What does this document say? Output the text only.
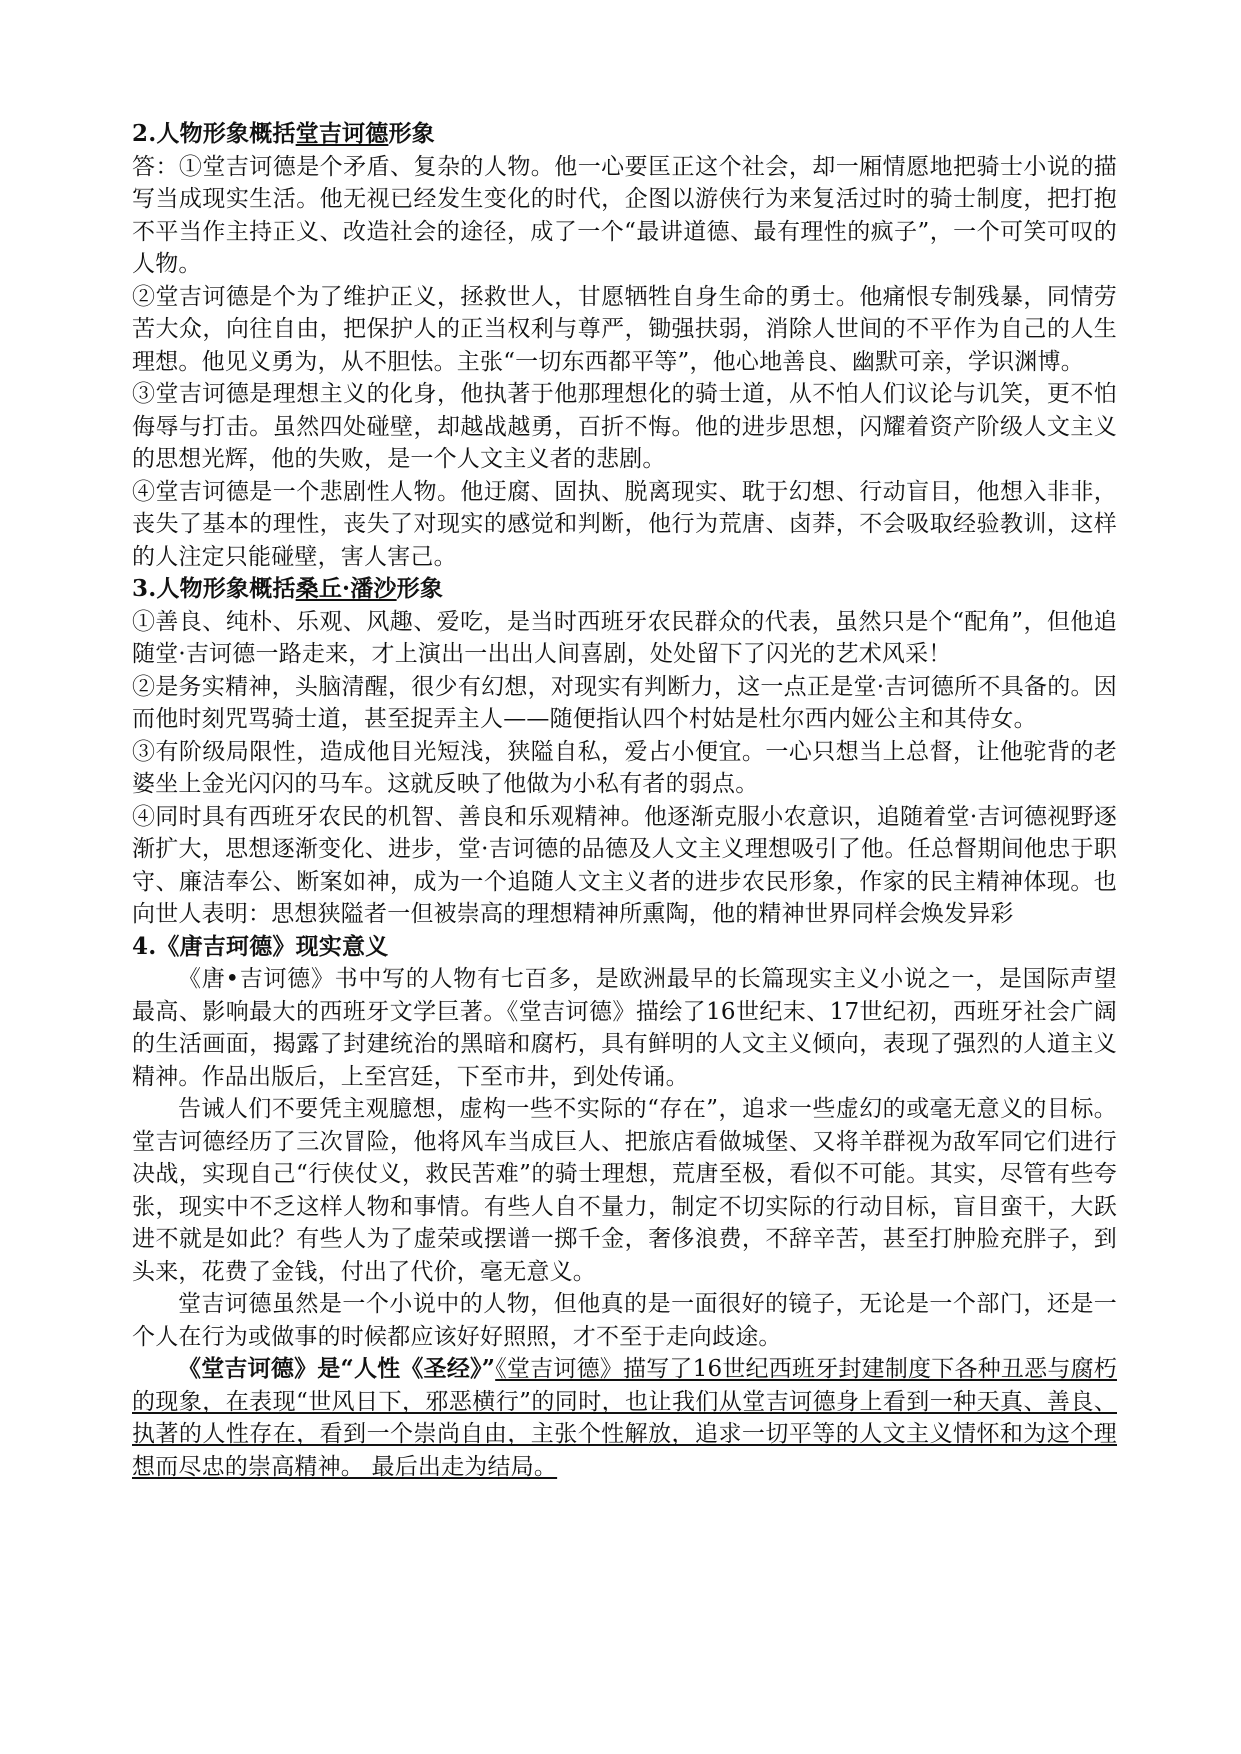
2.人物形象概括堂吉诃德形象

答：①堂吉诃德是个矛盾、复杂的人物。他一心要匡正这个社会，却一厢情愿地把骑士小说的描写当成现实生活。他无视已经发生变化的时代，企图以游侠行为来复活过时的骑士制度，把打抱不平当作主持正义、改造社会的途径，成了一个“最讲道德、最有理性的疯子”，一个可笑可叹的人物。

②堂吉诃德是个为了维护正义，拯救世人，甘愿牺牲自身生命的勇士。他痛恨专制残暴，同情劳苦大众，向往自由，把保护人的正当权利与尊严，锄强扶弱，消除人世间的不平作为自己的人生理想。他见义勇为，从不胆怯。主张“一切东西都平等”，他心地善良、幽默可亲，学识渊博。

③堂吉诃德是理想主义的化身，他执著于他那理想化的骑士道，从不怕人们议论与讥笑，更不怕侮辱与打击。虽然四处碰壁，却越战越勇，百折不悔。他的进步思想，闪耀着资产阶级人文主义的思想光辉，他的失败，是一个人文主义者的悲剧。

④堂吉诃德是一个悲剧性人物。他迂腐、固执、脱离现实、耽于幻想、行动盲目，他想入非非，丧失了基本的理性，丧失了对现实的感觉和判断，他行为荒唐、卤莽，不会吸取经验教训，这样的人注定只能碰壁，害人害己。

3.人物形象概括桑丘·潘沙形象

①善良、纯朴、乐观、风趣、爱吃，是当时西班牙农民群众的代表，虽然只是个“配角”，但他追随堂·吉诃德一路走来，才上演出一出出人间喜剧，处处留下了闪光的艺术风采！

②是务实精神，头脑清醒，很少有幻想，对现实有判断力，这一点正是堂·吉诃德所不具备的。因而他时刻咒骂骑士道，甚至捉弄主人——随便指认四个村姑是杜尔西内娅公主和其侍女。

③有阶级局限性，造成他目光短浅，狭隘自私，爱占小便宜。一心只想当上总督，让他驼背的老婆坐上金光闪闪的马车。这就反映了他做为小私有者的弱点。

④同时具有西班牙农民的机智、善良和乐观精神。他逐渐克服小农意识，追随着堂·吉诃德视野逐渐扩大，思想逐渐变化、进步，堂·吉诃德的品德及人文主义理想吸引了他。任总督期间他忠于职守、廉洁奉公、断案如神，成为一个追随人文主义者的进步农民形象，作家的民主精神体现。也向世人表明：思想狭隘者一但被崇高的理想精神所熏陶，他的精神世界同样会焕发异彩

4.《唐吉珂德》现实意义

《唐•吉诃德》书中写的人物有七百多，是欧洲最早的长篇现实主义小说之一，是国际声望最高、影响最大的西班牙文学巨著。《堂吉诃德》描绘了16世纪末、17世纪初，西班牙社会广阔的生活画面，揭露了封建统治的黑暗和腐朽，具有鲜明的人文主义倾向，表现了强烈的人道主义精神。作品出版后，上至宫廷，下至市井，到处传诵。

告诫人们不要凭主观臆想，虚构一些不实际的“存在”，追求一些虚幻的或毫无意义的目标。堂吉诃德经历了三次冒险，他将风车当成巨人、把旅店看做城堡、又将羊群视为敌军同它们进行决战，实现自己“行侠仗义，救民苦难”的骑士理想，荒唐至极，看似不可能。其实，尽管有些夸张，现实中不乏这样人物和事情。有些人自不量力，制定不切实际的行动目标，盲目蛮干，大跃进不就是如此？有些人为了虚荣或摆谱一掷千金，奢侈浪费，不辞辛苦，甚至打肿脸充胖子，到头来，花费了金钱，付出了代价，毫无意义。

堂吉诃德虽然是一个小说中的人物，但他真的是一面很好的镜子，无论是一个部门，还是一个人在行为或做事的时候都应该好好照照，才不至于走向歧途。

《堂吉诃德》是“人性《圣经》”《堂吉诃德》描写了16世纪西班牙封建制度下各种丑恶与腐朽的现象，在表现“世风日下，邪恶横行”的同时，也让我们从堂吉诃德身上看到一种天真、善良、执著的人性存在，看到一个崇尚自由，主张个性解放，追求一切平等的人文主义情怀和为这个理想而尽忠的崇高精神。 最后出走为结局。
